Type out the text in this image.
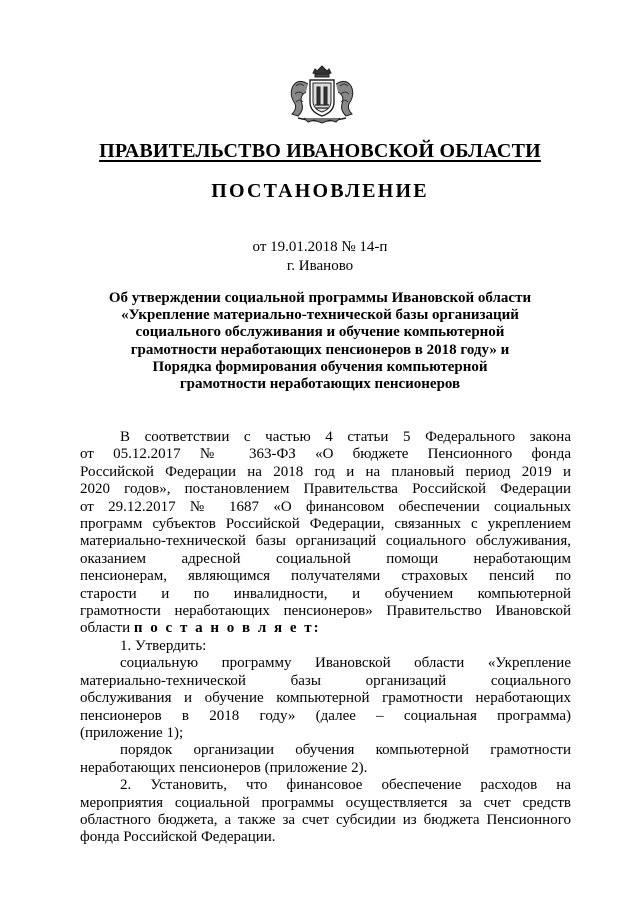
ПРАВИТЕЛЬСТВО ИВАНОВСКОЙ ОБЛАСТИ
ПОСТАНОВЛЕНИЕ
от 19.01.2018 № 14-п
г. Иваново
Об утверждении социальной программы Ивановской области
«Укрепление материально-технической базы организаций
социального обслуживания и обучение компьютерной
грамотности неработающих пенсионеров в 2018 году» и
Порядка формирования обучения компьютерной
грамотности неработающих пенсионеров

В соответствии с частью 4 статьи 5 Федерального закона

от 05.12.2017 № 363-ФЗ «О бюджете Пенсионного фонда

Российской Федерации на 2018 год и на плановый период 2019 и

2020 годов», постановлением Правительства Российской Федерации

от 29.12.2017 № 1687 «О финансовом обеспечении социальных

программ субъектов Российской Федерации, связанных с укреплением

материально-технической базы организаций социального обслуживания,

оказанием адресной социальной помощи неработающим

пенсионерам, являющимся получателями страховых пенсий по

старости и по инвалидности, и обучением компьютерной

грамотности неработающих пенсионеров» Правительство Ивановской

области п о с т а н о в л я е т:

1. Утвердить:

социальную программу Ивановской области «Укрепление

материально-технической базы организаций социального

обслуживания и обучение компьютерной грамотности неработающих

пенсионеров в 2018 году» (далее – социальная программа)

(приложение 1);

порядок организации обучения компьютерной грамотности

неработающих пенсионеров (приложение 2).

2. Установить, что финансовое обеспечение расходов на

мероприятия социальной программы осуществляется за счет средств

областного бюджета, а также за счет субсидии из бюджета Пенсионного

фонда Российской Федерации.
